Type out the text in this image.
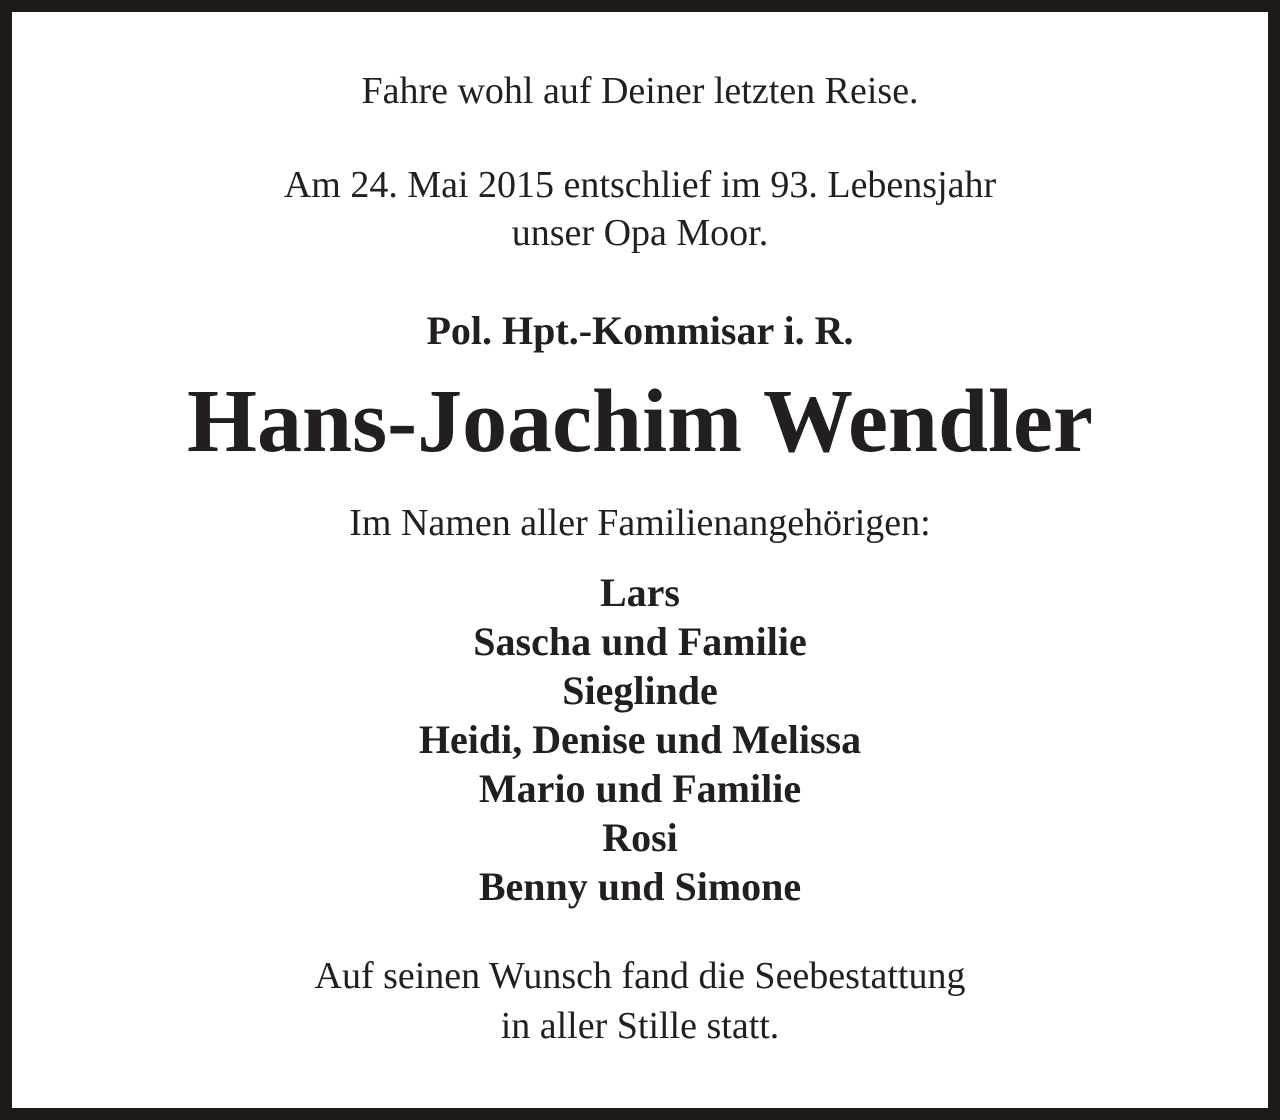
Fahre wohl auf Deiner letzten Reise.
Am 24. Mai 2015 entschlief im 93. Lebensjahr
unser Opa Moor.
Pol. Hpt.-Kommisar i. R.
Hans-Joachim Wendler
Im Namen aller Familienangehörigen:
Lars
Sascha und Familie
Sieglinde
Heidi, Denise und Melissa
Mario und Familie
Rosi
Benny und Simone
Auf seinen Wunsch fand die Seebestattung
in aller Stille statt.
